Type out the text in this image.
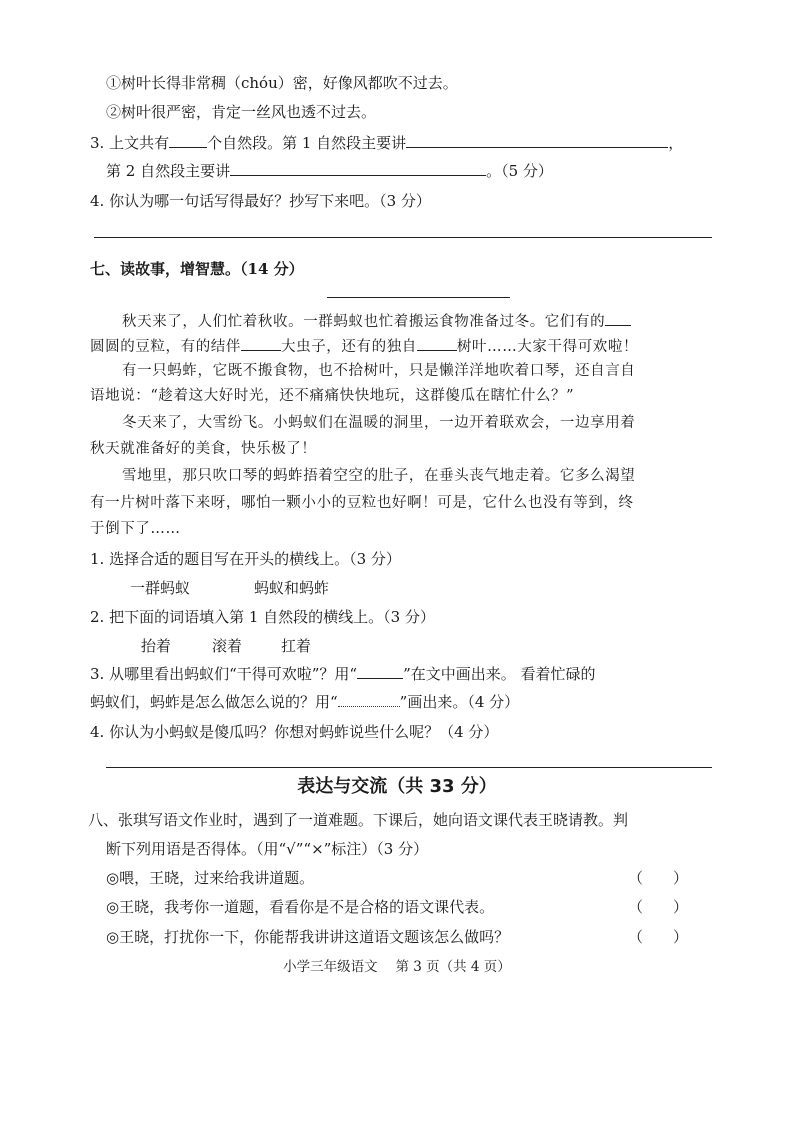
①树叶长得非常稠（chóu）密，好像风都吹不过去。
②树叶很严密，肯定一丝风也透不过去。
3. 上文共有	个自然段。第 1 自然段主要讲	，
第 2 自然段主要讲	。（5 分）
4. 你认为哪一句话写得最好？抄写下来吧。（3 分）
七、读故事，增智慧。（14 分）
秋天来了，人们忙着秋收。一群蚂蚁也忙着搬运食物准备过冬。它们有的
圆圆的豆粒，有的结伴	大虫子，还有的独自	树叶……大家干得可欢啦！
有一只蚂蚱，它既不搬食物，也不拾树叶，只是懒洋洋地吹着口琴，还自言自
语地说：“趁着这大好时光，还不痛痛快快地玩，这群傻瓜在瞎忙什么？”
冬天来了，大雪纷飞。小蚂蚁们在温暖的洞里，一边开着联欢会，一边享用着
秋天就准备好的美食，快乐极了！
雪地里，那只吹口琴的蚂蚱捂着空空的肚子，在垂头丧气地走着。它多么渴望
有一片树叶落下来呀，哪怕一颗小小的豆粒也好啊！可是，它什么也没有等到，终
于倒下了……
1. 选择合适的题目写在开头的横线上。（3 分）
一群蚂蚁	蚂蚁和蚂蚱
2. 把下面的词语填入第 1 自然段的横线上。（3 分）
抬着	滚着	扛着
3. 从哪里看出蚂蚁们“干得可欢啦”？用“	”在文中画出来。 看着忙碌的
蚂蚁们，蚂蚱是怎么做怎么说的？用“	”画出来。（4 分）
4. 你认为小蚂蚁是傻瓜吗？你想对蚂蚱说些什么呢？（4 分）
表达与交流（共 33 分）
八、张琪写语文作业时，遇到了一道难题。下课后，她向语文课代表王晓请教。判
断下列用语是否得体。（用“√”“×”标注）（3 分）
◎喂，王晓，过来给我讲道题。	（　　）
◎王晓，我考你一道题，看看你是不是合格的语文课代表。	（　　）
◎王晓，打扰你一下，你能帮我讲讲这道语文题该怎么做吗？	（　　）
小学三年级语文　 第 3 页（共 4 页）
